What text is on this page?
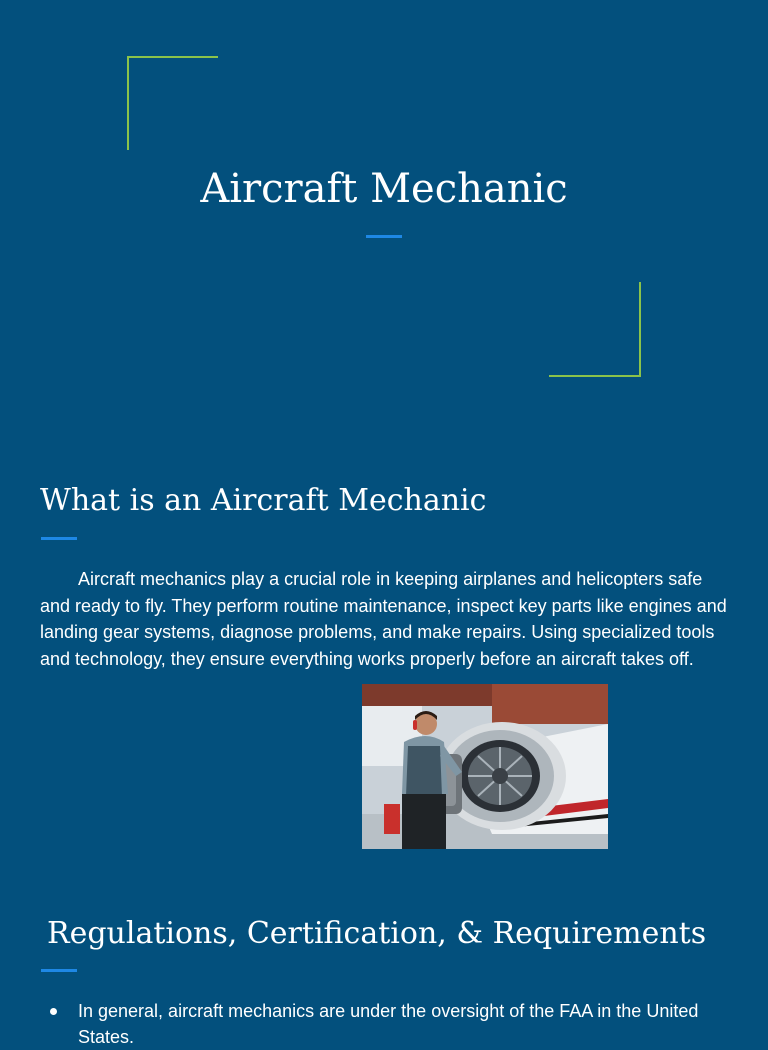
Aircraft Mechanic
What is an Aircraft Mechanic

Aircraft mechanics play a crucial role in keeping airplanes and helicopters safe and ready to fly. They perform routine maintenance, inspect key parts like engines and landing gear systems, diagnose problems, and make repairs. Using specialized tools and technology, they ensure everything works properly before an aircraft takes off.

Regulations, Certification, & Requirements
In general, aircraft mechanics are under the oversight of the FAA in the United States.
